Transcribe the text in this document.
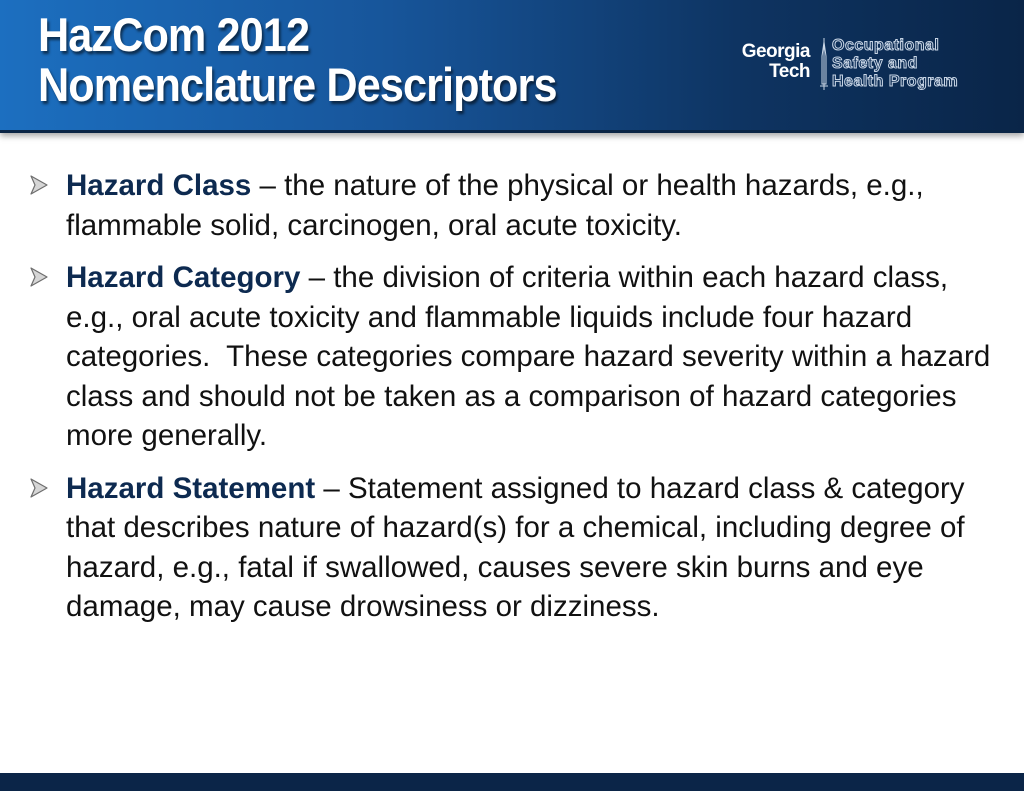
HazCom 2012
Nomenclature Descriptors
Georgia
Tech
Occupational
Safety and
Health Program
Hazard Class – the nature of the physical or health hazards, e.g., flammable solid, carcinogen, oral acute toxicity.
Hazard Category – the division of criteria within each hazard class, e.g., oral acute toxicity and flammable liquids include four hazard categories.  These categories compare hazard severity within a hazard class and should not be taken as a comparison of hazard categories more generally.
Hazard Statement – Statement assigned to hazard class & category that describes nature of hazard(s) for a chemical, including degree of hazard, e.g., fatal if swallowed, causes severe skin burns and eye damage, may cause drowsiness or dizziness.
